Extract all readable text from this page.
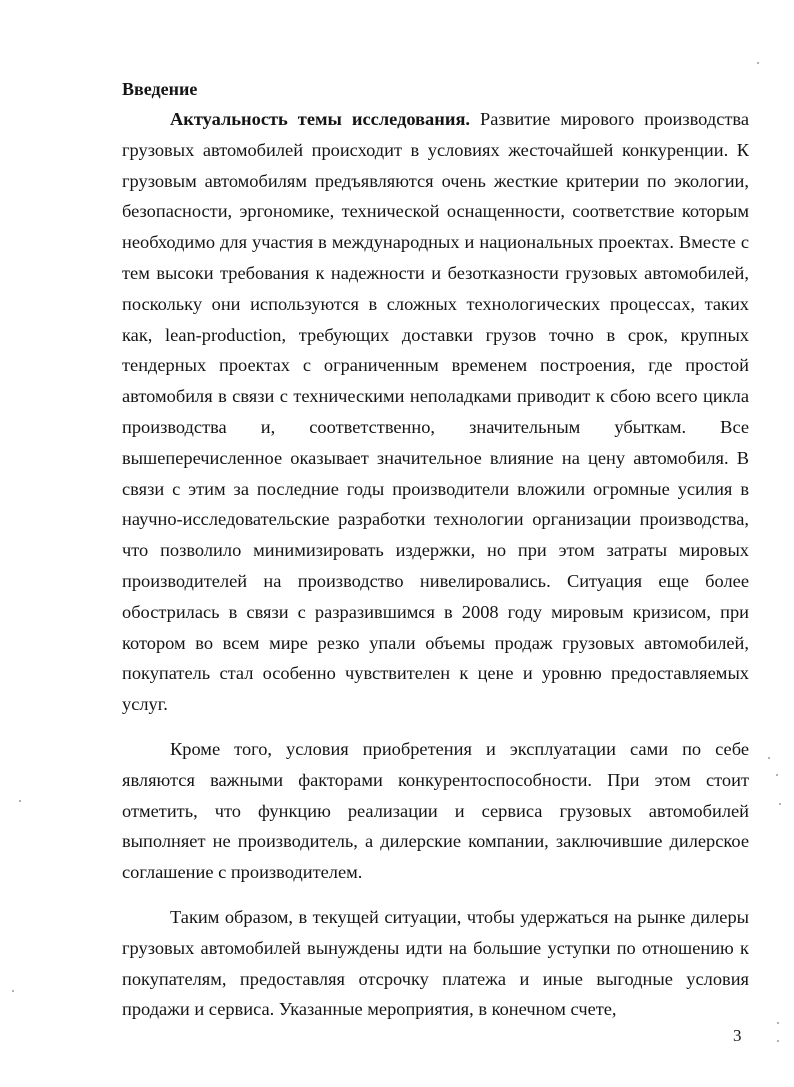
Введение

Актуальность темы исследования. Развитие мирового производства грузовых автомобилей происходит в условиях жесточайшей конкуренции. К грузовым автомобилям предъявляются очень жесткие критерии по экологии, безопасности, эргономике, технической оснащенности, соответствие которым необходимо для участия в международных и национальных проектах. Вместе с тем высоки требования к надежности и безотказности грузовых автомобилей, поскольку они используются в сложных технологических процессах, таких как, lean-production, требующих доставки грузов точно в срок, крупных тендерных проектах с ограниченным временем построения, где простой автомобиля в связи с техническими неполадками приводит к сбою всего цикла производства и, соответственно, значительным убыткам. Все вышеперечисленное оказывает значительное влияние на цену автомобиля. В связи с этим за последние годы производители вложили огромные усилия в научно-исследовательские разработки технологии организации производства, что позволило минимизировать издержки, но при этом затраты мировых производителей на производство нивелировались. Ситуация еще более обострилась в связи с разразившимся в 2008 году мировым кризисом, при котором во всем мире резко упали объемы продаж грузовых автомобилей, покупатель стал особенно чувствителен к цене и уровню предоставляемых услуг.

Кроме того, условия приобретения и эксплуатации сами по себе являются важными факторами конкурентоспособности. При этом стоит отметить, что функцию реализации и сервиса грузовых автомобилей выполняет не производитель, а дилерские компании, заключившие дилерское соглашение с производителем.

Таким образом, в текущей ситуации, чтобы удержаться на рынке дилеры грузовых автомобилей вынуждены идти на большие уступки по отношению к покупателям, предоставляя отсрочку платежа и иные выгодные условия продажи и сервиса. Указанные мероприятия, в конечном счете,

3
